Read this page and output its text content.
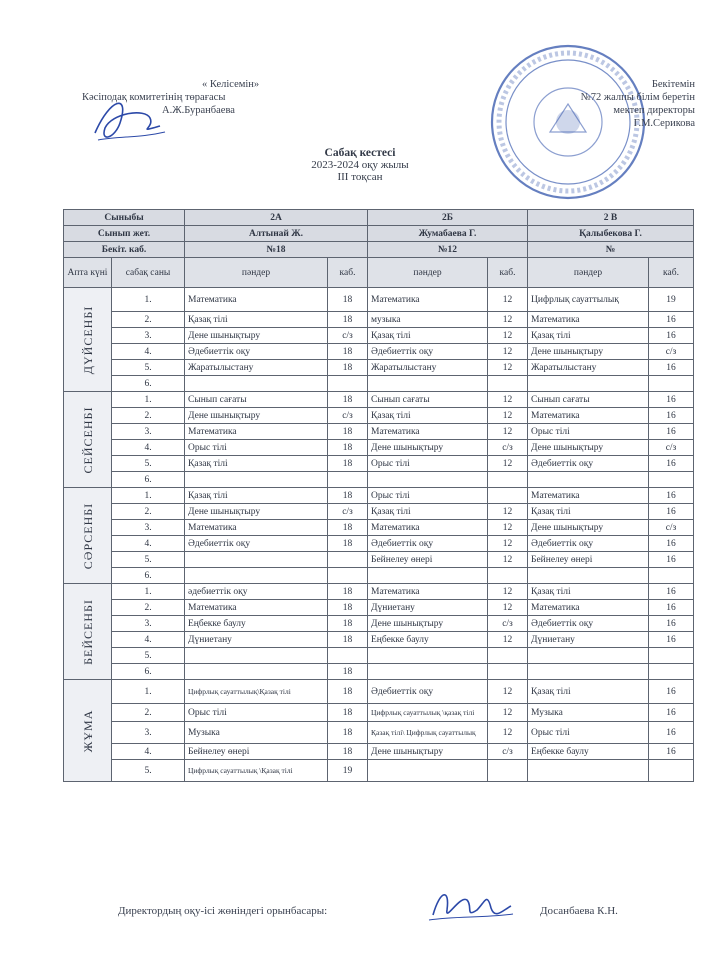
« Келісемін»
Кәсіподақ комитетінің төрағасы
А.Ж.Буранбаева
Бекітемін
№72 жалпы білім беретін
мектеп директоры
Г.М.Серикова
Сабақ кестесі
2023-2024 оқу жылы
ІІІ тоқсан
Сыныбы		2А		2Б		2 В	
Сынып жет.		Алтынай Ж.		Жумабаева Г.		Қалыбекова Г.	
Бекіт. каб.		№18		№12		№	
Апта күні	сабақ саны	пәндер	каб.	пәндер	каб.	пәндер	каб.

ДҮЙСЕНБІ	1.	Математика	18	Математика	12	Цифрлық сауаттылық	19
	2.	Қазақ тілі	18	музыка	12	Математика	16
	3.	Дене шынықтыру	с/з	Қазақ тілі	12	Қазақ тілі	16
	4.	Әдебиеттік оқу	18	Әдебиеттік оқу	12	Дене шынықтыру	с/з
	5.	Жаратылыстану	18	Жаратылыстану	12	Жаратылыстану	16
	6.						

СЕЙСЕНБІ	1.	Сынып сағаты	18	Сынып сағаты	12	Сынып сағаты	16
	2.	Дене шынықтыру	с/з	Қазақ тілі	12	Математика	16
	3.	Математика	18	Математика	12	Орыс тілі	16
	4.	Орыс тілі	18	Дене шынықтыру	с/з	Дене шынықтыру	с/з
	5.	Қазақ тілі	18	Орыс тілі	12	Әдебиеттік оқу	16
	6.						

СӘРСЕНБІ	1.	Қазақ тілі	18	Орыс тілі		Математика	16
	2.	Дене шынықтыру	с/з	Қазақ тілі	12	Қазақ тілі	16
	3.	Математика	18	Математика	12	Дене шынықтыру	с/з
	4.	Әдебиеттік оқу	18	Әдебиеттік оқу	12	Әдебиеттік оқу	16
	5.			Бейнелеу өнері	12	Бейнелеу өнері	16
	6.						

БЕЙСЕНБІ	1.	әдебиеттік оқу	18	Математика	12	Қазақ тілі	16
	2.	Математика	18	Дүниетану	12	Математика	16
	3.	Еңбекке баулу	18	Дене шынықтыру	с/з	Әдебиеттік оқу	16
	4.	Дүниетану	18	Еңбекке баулу	12	Дүниетану	16
	5.						
	6.		18				

ЖҰМА	1.	Цифрлық сауаттылық\Қазақ тілі	18	Әдебиеттік оқу	12	Қазақ тілі	16
	2.	Орыс тілі	18	Цифрлық сауаттылық \қазақ тілі	12	Музыка	16
	3.	Музыка	18	Қазақ тілі\ Цифрлық сауаттылық	12	Орыс тілі	16
	4.	Бейнелеу өнері	18	Дене шынықтыру	с/з	Еңбекке баулу	16
	5.	Цифрлық сауаттылық \Қазақ тілі	19				
Директордың оқу-ісі жөніндегі орынбасары:	Досанбаева К.Н.
